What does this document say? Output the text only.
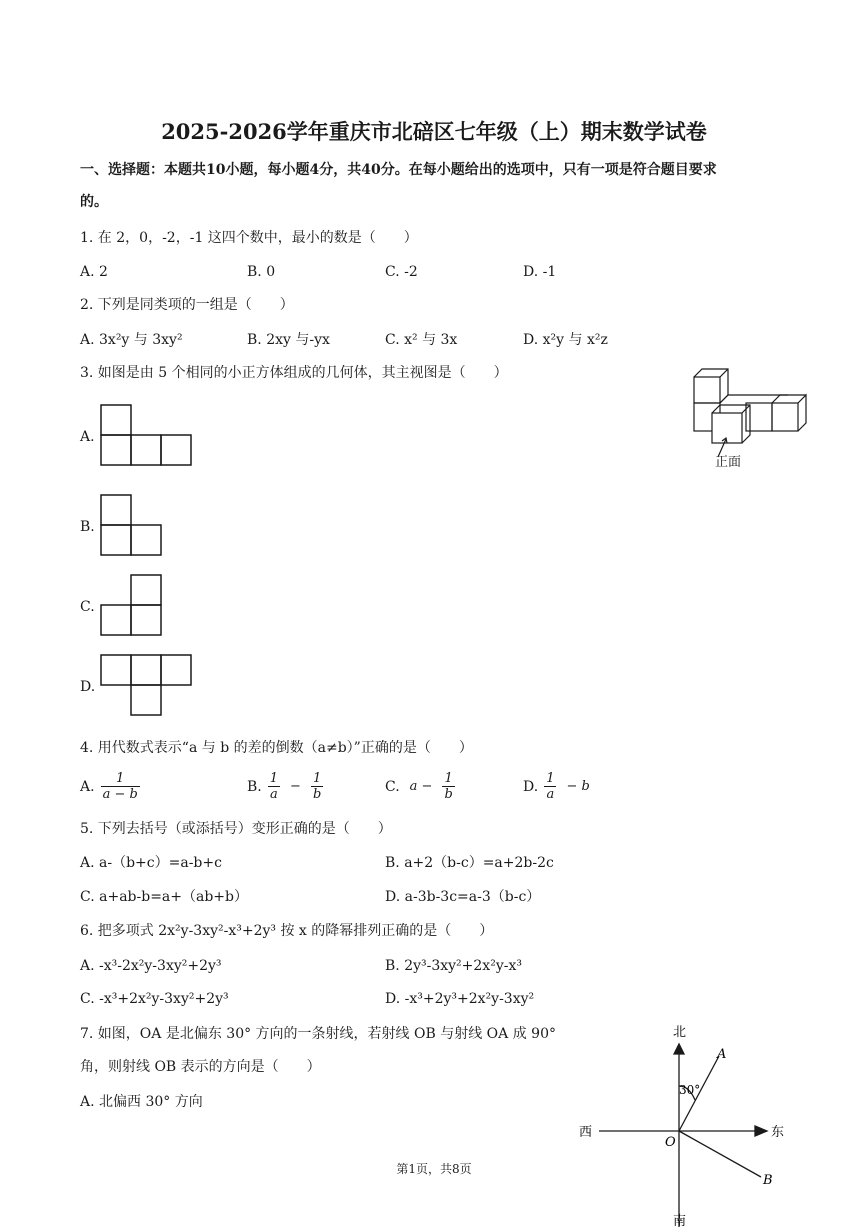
2025-2026学年重庆市北碚区七年级（上）期末数学试卷
一、选择题：本题共10小题，每小题4分，共40分。在每小题给出的选项中，只有一项是符合题目要求
的。
1. 在 2，0，-2，-1 这四个数中，最小的数是（　　）
A. 2	B. 0	C. -2	D. -1
2. 下列是同类项的一组是（　　）
A. 3x²y 与 3xy²	B. 2xy 与-yx	C. x² 与 3x	D. x²y 与 x²z
3. 如图是由 5 个相同的小正方体组成的几何体，其主视图是（　　）
正面
A.
B.
C.
D.
4. 用代数式表示“a 与 b 的差的倒数（a≠b）”正确的是（　　）
A. $\frac{1}{a - b}$	B. $\frac{1}{a} - \frac{1}{b}$	C. $a - \frac{1}{b}$	D. $\frac{1}{a} - b$
5. 下列去括号（或添括号）变形正确的是（　　）
A. a-（b+c）=a-b+c	B. a+2（b-c）=a+2b-2c
C. a+ab-b=a+（ab+b）	D. a-3b-3c=a-3（b-c）
6. 把多项式 2x²y-3xy²-x³+2y³ 按 x 的降幂排列正确的是（　　）
A. -x³-2x²y-3xy²+2y³	B. 2y³-3xy²+2x²y-x³
C. -x³+2x²y-3xy²+2y³	D. -x³+2y³+2x²y-3xy²
7. 如图，OA 是北偏东 30° 方向的一条射线，若射线 OB 与射线 OA 成 90°
角，则射线 OB 表示的方向是（　　）
A. 北偏西 30° 方向
北
南
东
西
O
A
B
30°
第1页，共8页
